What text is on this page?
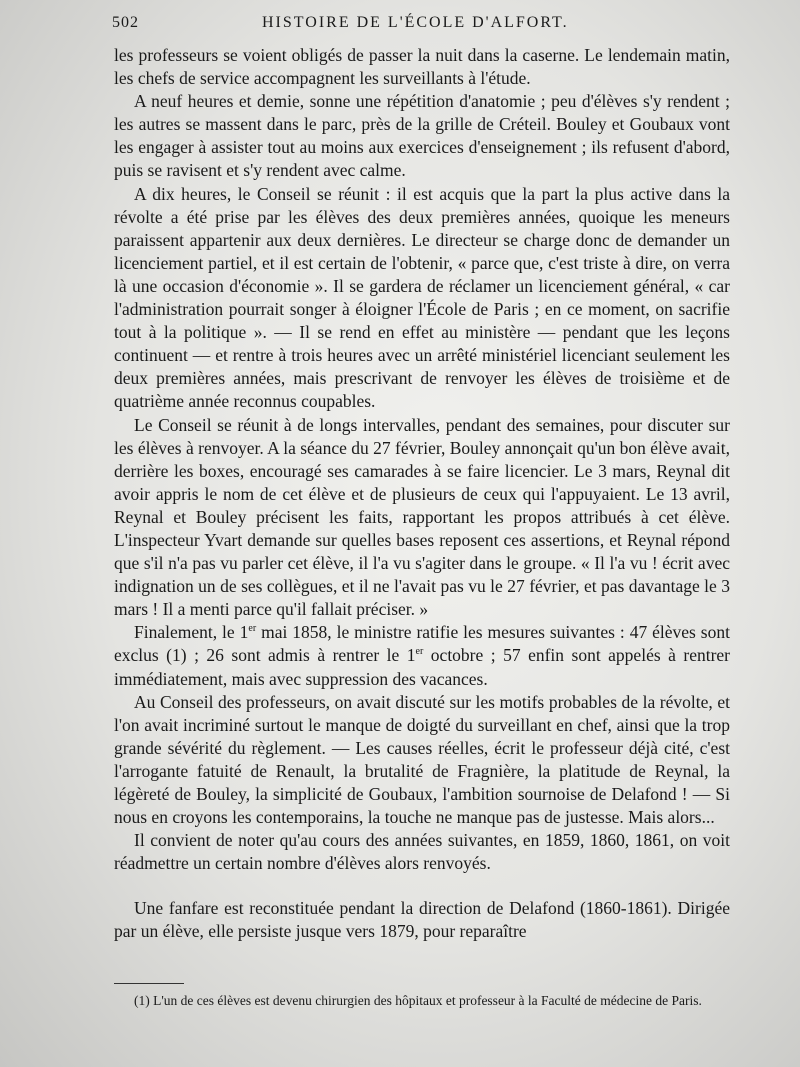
502	HISTOIRE DE L'ÉCOLE D'ALFORT.

les professeurs se voient obligés de passer la nuit dans la caserne. Le lendemain matin, les chefs de service accompagnent les surveillants à l'étude.

A neuf heures et demie, sonne une répétition d'anatomie ; peu d'élèves s'y rendent ; les autres se massent dans le parc, près de la grille de Créteil. Bouley et Goubaux vont les engager à assister tout au moins aux exercices d'enseignement ; ils refusent d'abord, puis se ravisent et s'y rendent avec calme.

A dix heures, le Conseil se réunit : il est acquis que la part la plus active dans la révolte a été prise par les élèves des deux premières années, quoique les meneurs paraissent appartenir aux deux dernières. Le directeur se charge donc de demander un licenciement partiel, et il est certain de l'obtenir, « parce que, c'est triste à dire, on verra là une occasion d'économie ». Il se gardera de réclamer un licenciement général, « car l'administration pourrait songer à éloigner l'École de Paris ; en ce moment, on sacrifie tout à la politique ». — Il se rend en effet au ministère — pendant que les leçons continuent — et rentre à trois heures avec un arrêté ministériel licenciant seulement les deux premières années, mais prescrivant de renvoyer les élèves de troisième et de quatrième année reconnus coupables.

Le Conseil se réunit à de longs intervalles, pendant des semaines, pour discuter sur les élèves à renvoyer. A la séance du 27 février, Bouley annonçait qu'un bon élève avait, derrière les boxes, encouragé ses camarades à se faire licencier. Le 3 mars, Reynal dit avoir appris le nom de cet élève et de plusieurs de ceux qui l'appuyaient. Le 13 avril, Reynal et Bouley précisent les faits, rapportant les propos attribués à cet élève. L'inspecteur Yvart demande sur quelles bases reposent ces assertions, et Reynal répond que s'il n'a pas vu parler cet élève, il l'a vu s'agiter dans le groupe. « Il l'a vu ! écrit avec indignation un de ses collègues, et il ne l'avait pas vu le 27 février, et pas davantage le 3 mars ! Il a menti parce qu'il fallait préciser. »

Finalement, le 1er mai 1858, le ministre ratifie les mesures suivantes : 47 élèves sont exclus (1) ; 26 sont admis à rentrer le 1er octobre ; 57 enfin sont appelés à rentrer immédiatement, mais avec suppression des vacances.

Au Conseil des professeurs, on avait discuté sur les motifs probables de la révolte, et l'on avait incriminé surtout le manque de doigté du surveillant en chef, ainsi que la trop grande sévérité du règlement. — Les causes réelles, écrit le professeur déjà cité, c'est l'arrogante fatuité de Renault, la brutalité de Fragnière, la platitude de Reynal, la légèreté de Bouley, la simplicité de Goubaux, l'ambition sournoise de Delafond ! — Si nous en croyons les contemporains, la touche ne manque pas de justesse. Mais alors...

Il convient de noter qu'au cours des années suivantes, en 1859, 1860, 1861, on voit réadmettre un certain nombre d'élèves alors renvoyés.

Une fanfare est reconstituée pendant la direction de Delafond (1860-1861). Dirigée par un élève, elle persiste jusque vers 1879, pour reparaître

(1) L'un de ces élèves est devenu chirurgien des hôpitaux et professeur à la Faculté de médecine de Paris.
